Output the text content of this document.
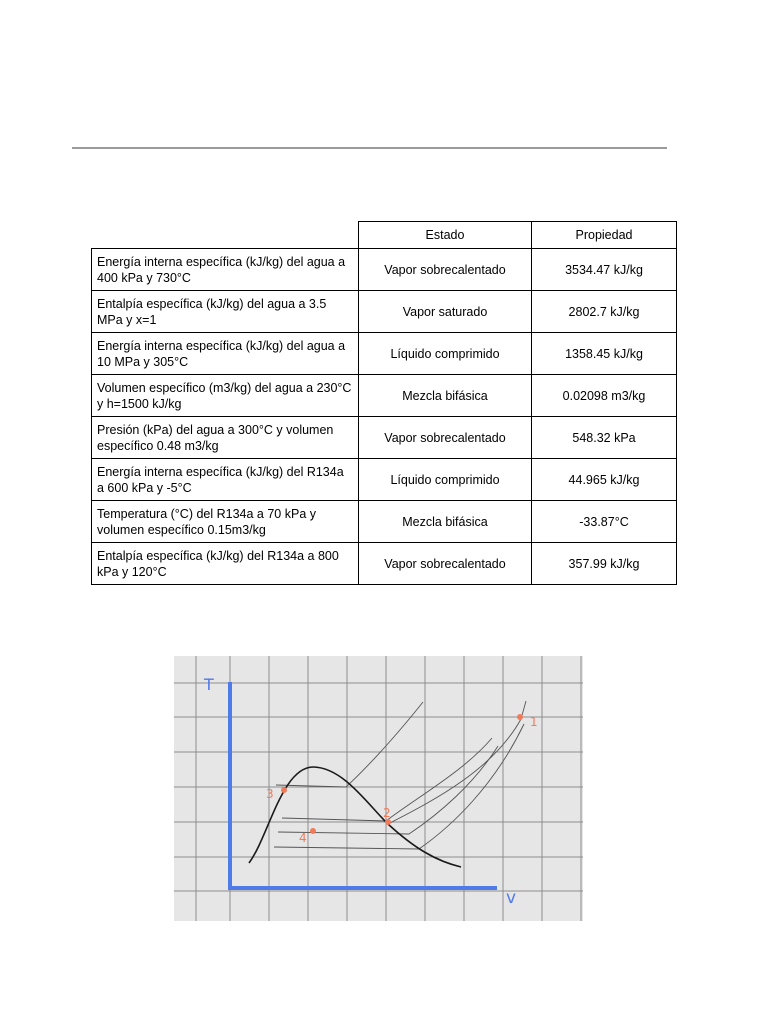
	Estado	Propiedad
Energía interna específica (kJ/kg) del agua a 400 kPa y 730°C	Vapor sobrecalentado	3534.47 kJ/kg
Entalpía específica (kJ/kg) del agua a 3.5 MPa y x=1	Vapor saturado	2802.7 kJ/kg
Energía interna específica (kJ/kg) del agua a 10 MPa y 305°C	Líquido comprimido	1358.45 kJ/kg
Volumen específico (m3/kg) del agua a 230°C y h=1500 kJ/kg	Mezcla bifásica	0.02098 m3/kg
Presión (kPa) del agua a 300°C y volumen específico 0.48 m3/kg	Vapor sobrecalentado	548.32 kPa
Energía interna específica (kJ/kg) del R134a a 600 kPa y -5°C	Líquido comprimido	44.965 kJ/kg
Temperatura (°C) del R134a a 70 kPa y volumen específico 0.15m3/kg	Mezcla bifásica	-33.87°C
Entalpía específica (kJ/kg) del R134a a 800 kPa y 120°C	Vapor sobrecalentado	357.99 kJ/kg
T
v
1
2
3
4
